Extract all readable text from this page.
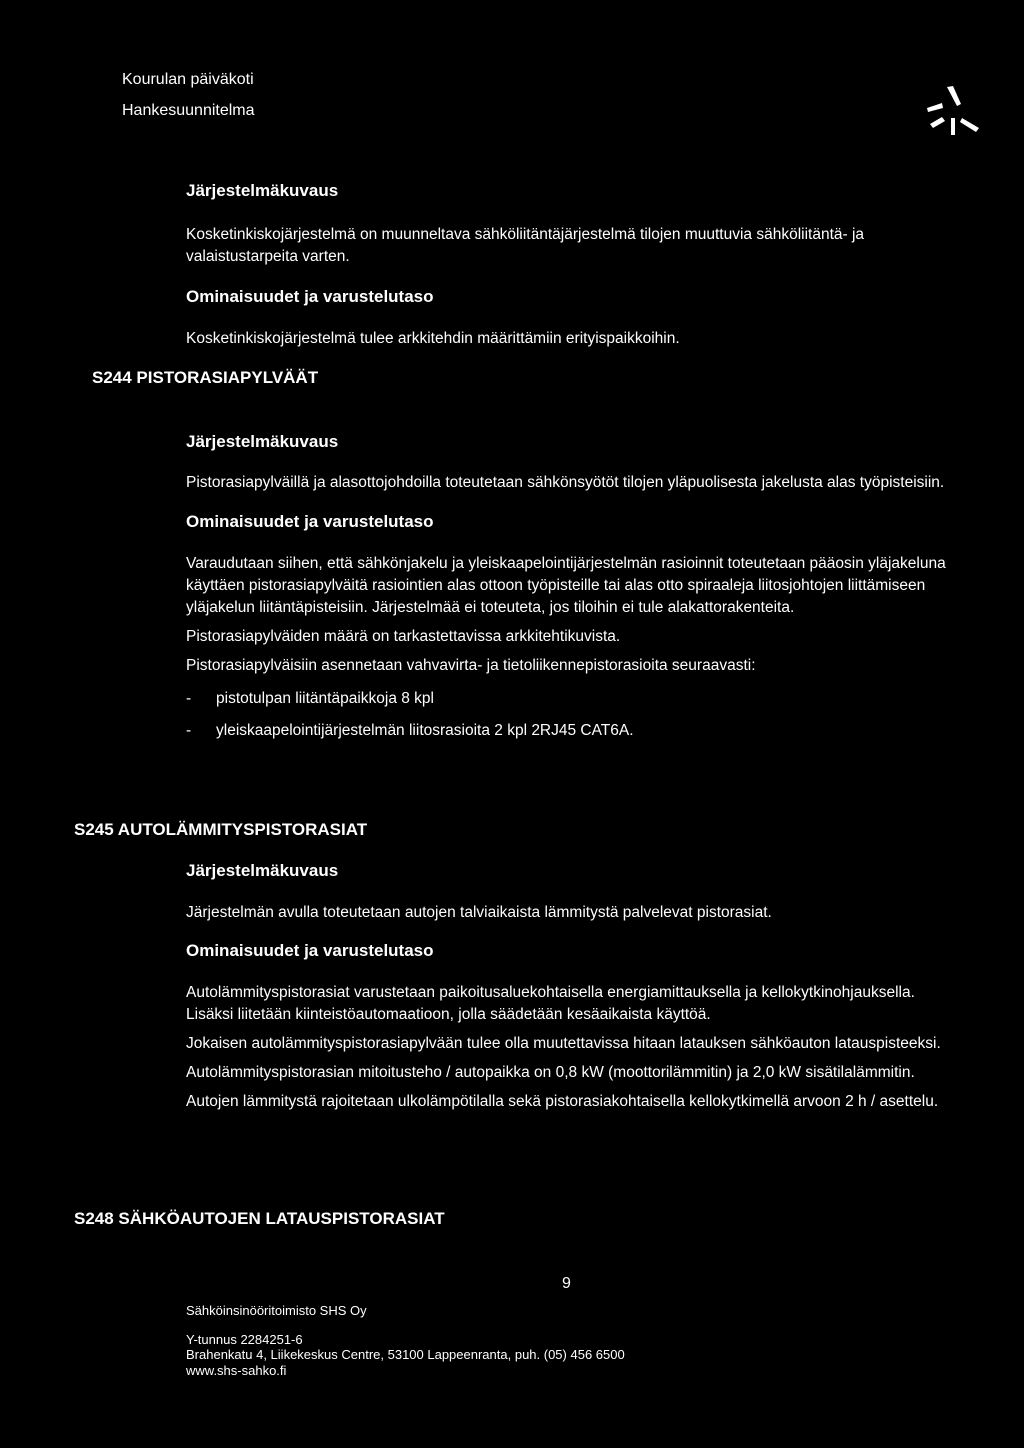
Kourulan päiväkoti
Hankesuunnitelma
Järjestelmäkuvaus
Kosketinkiskojärjestelmä on muunneltava sähköliitäntäjärjestelmä tilojen muuttuvia sähköliitäntä- ja valaistustarpeita varten.
Ominaisuudet ja varustelutaso
Kosketinkiskojärjestelmä tulee arkkitehdin määrittämiin erityispaikkoihin.
S244 PISTORASIAPYLVÄÄT
Järjestelmäkuvaus
Pistorasiapylväillä ja alasottojohdoilla toteutetaan sähkönsyötöt tilojen yläpuolisesta jakelusta alas työpisteisiin.
Ominaisuudet ja varustelutaso
Varaudutaan siihen, että sähkönjakelu ja yleiskaapelointijärjestelmän rasioinnit toteutetaan pääosin yläjakeluna käyttäen pistorasiapylväitä rasiointien alas ottoon työpisteille tai alas otto spiraaleja liitosjohtojen liittämiseen yläjakelun liitäntäpisteisiin. Järjestelmää ei toteuteta, jos tiloihin ei tule alakattorakenteita.
Pistorasiapylväiden määrä on tarkastettavissa arkkitehtikuvista.
Pistorasiapylväisiin asennetaan vahvavirta- ja tietoliikennepistorasioita seuraavasti:
-	pistotulpan liitäntäpaikkoja 8 kpl
-	yleiskaapelointijärjestelmän liitosrasioita 2 kpl 2RJ45 CAT6A.
S245 AUTOLÄMMITYSPISTORASIAT
Järjestelmäkuvaus
Järjestelmän avulla toteutetaan autojen talviaikaista lämmitystä palvelevat pistorasiat.
Ominaisuudet ja varustelutaso
Autolämmityspistorasiat varustetaan paikoitusaluekohtaisella energiamittauksella ja kellokytkinohjauksella. Lisäksi liitetään kiinteistöautomaatioon, jolla säädetään kesäaikaista käyttöä.
Jokaisen autolämmityspistorasiapylvään tulee olla muutettavissa hitaan latauksen sähköauton latauspisteeksi.
Autolämmityspistorasian mitoitusteho / autopaikka on 0,8 kW (moottorilämmitin) ja 2,0 kW sisätilalämmitin.
Autojen lämmitystä rajoitetaan ulkolämpötilalla sekä pistorasiakohtaisella kellokytkimellä arvoon 2 h / asettelu.
S248 SÄHKÖAUTOJEN LATAUSPISTORASIAT
9
Sähköinsinööritoimisto SHS Oy
Y-tunnus 2284251-6
Brahenkatu 4, Liikekeskus Centre, 53100 Lappeenranta, puh. (05) 456 6500
www.shs-sahko.fi
